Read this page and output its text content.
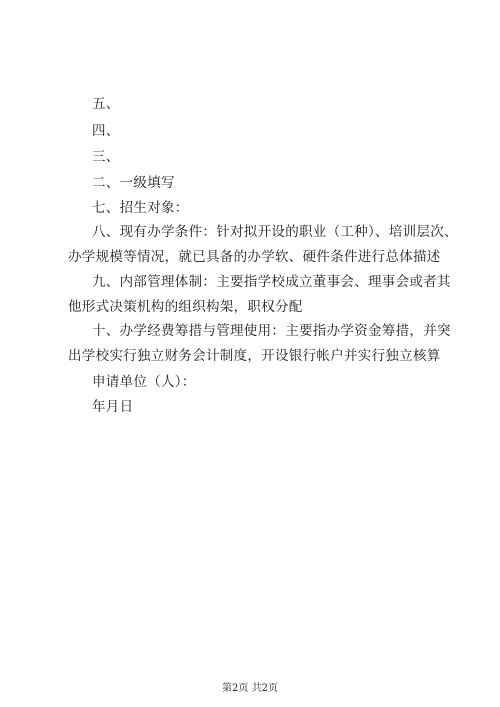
五、
四、
三、
二、一级填写
七、招生对象：
八、现有办学条件：针对拟开设的职业（工种）、培训层次、
办学规模等情况，就已具备的办学软、硬件条件进行总体描述
九、内部管理体制：主要指学校成立董事会、理事会或者其
他形式决策机构的组织构架，职权分配
十、办学经费筹措与管理使用：主要指办学资金筹措，并突
出学校实行独立财务会计制度，开设银行帐户并实行独立核算
申请单位（人）：
年月日
第2页 共2页
